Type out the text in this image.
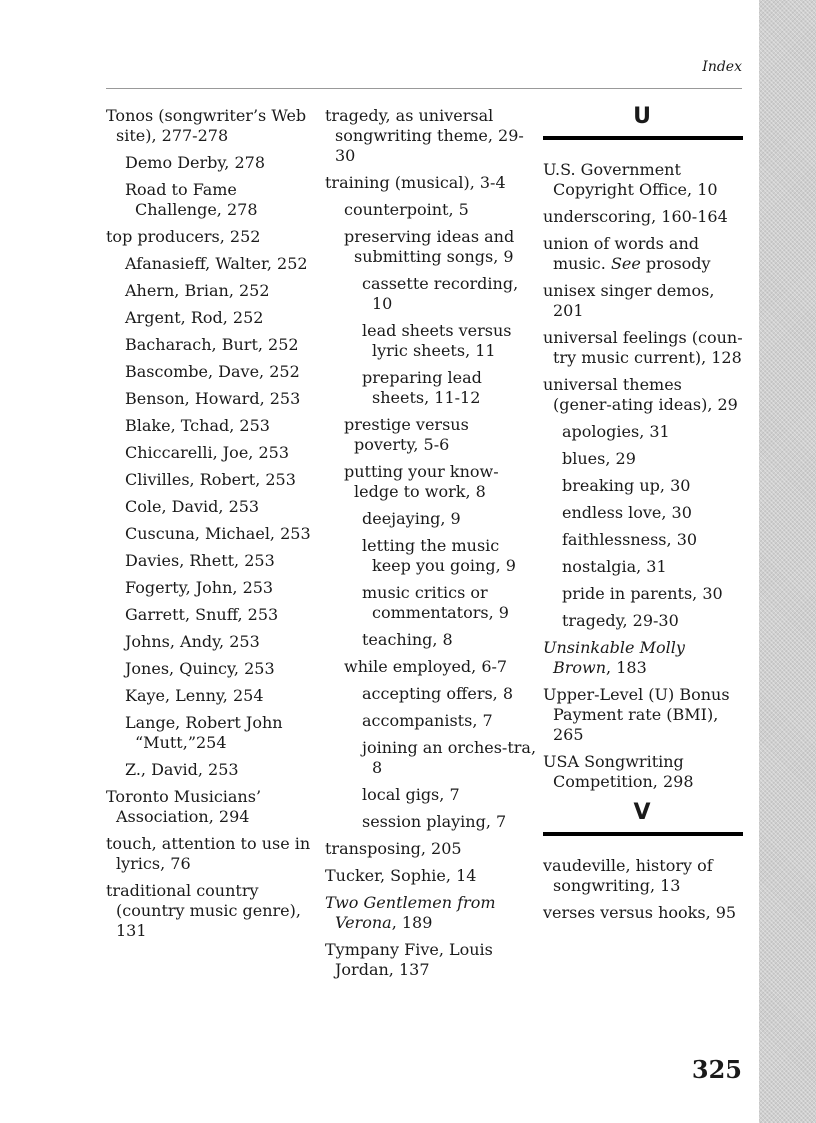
Index
Tonos (songwriter’s Web site), 277-278
Demo Derby, 278
Road to Fame Challenge, 278
top producers, 252
Afanasieff, Walter, 252
Ahern, Brian, 252
Argent, Rod, 252
Bacharach, Burt, 252
Bascombe, Dave, 252
Benson, Howard, 253
Blake, Tchad, 253
Chiccarelli, Joe, 253
Clivilles, Robert, 253
Cole, David, 253
Cuscuna, Michael, 253
Davies, Rhett, 253
Fogerty, John, 253
Garrett, Snuff, 253
Johns, Andy, 253
Jones, Quincy, 253
Kaye, Lenny, 254
Lange, Robert John “Mutt,”254
Z., David, 253
Toronto Musicians’ Association, 294
touch, attention to use in lyrics, 76
traditional country (country music genre), 131
tragedy, as universal songwriting theme, 29-30
training (musical), 3-4
counterpoint, 5
preserving ideas and submitting songs, 9
cassette recording, 10
lead sheets versus lyric sheets, 11
preparing lead sheets, 11-12
prestige versus poverty, 5-6
putting your know-ledge to work, 8
deejaying, 9
letting the music keep you going, 9
music critics or commentators, 9
teaching, 8
while employed, 6-7
accepting offers, 8
accompanists, 7
joining an orches-tra, 8
local gigs, 7
session playing, 7
transposing, 205
Tucker, Sophie, 14
Two Gentlemen from Verona, 189
Tympany Five, Louis Jordan, 137
U
U.S. Government Copyright Office, 10
underscoring, 160-164
union of words and music. See prosody
unisex singer demos, 201
universal feelings (coun-try music current), 128
universal themes (gener-ating ideas), 29
apologies, 31
blues, 29
breaking up, 30
endless love, 30
faithlessness, 30
nostalgia, 31
pride in parents, 30
tragedy, 29-30
Unsinkable Molly Brown, 183
Upper-Level (U) Bonus Payment rate (BMI), 265
USA Songwriting Competition, 298
V
vaudeville, history of songwriting, 13
verses versus hooks, 95
325
